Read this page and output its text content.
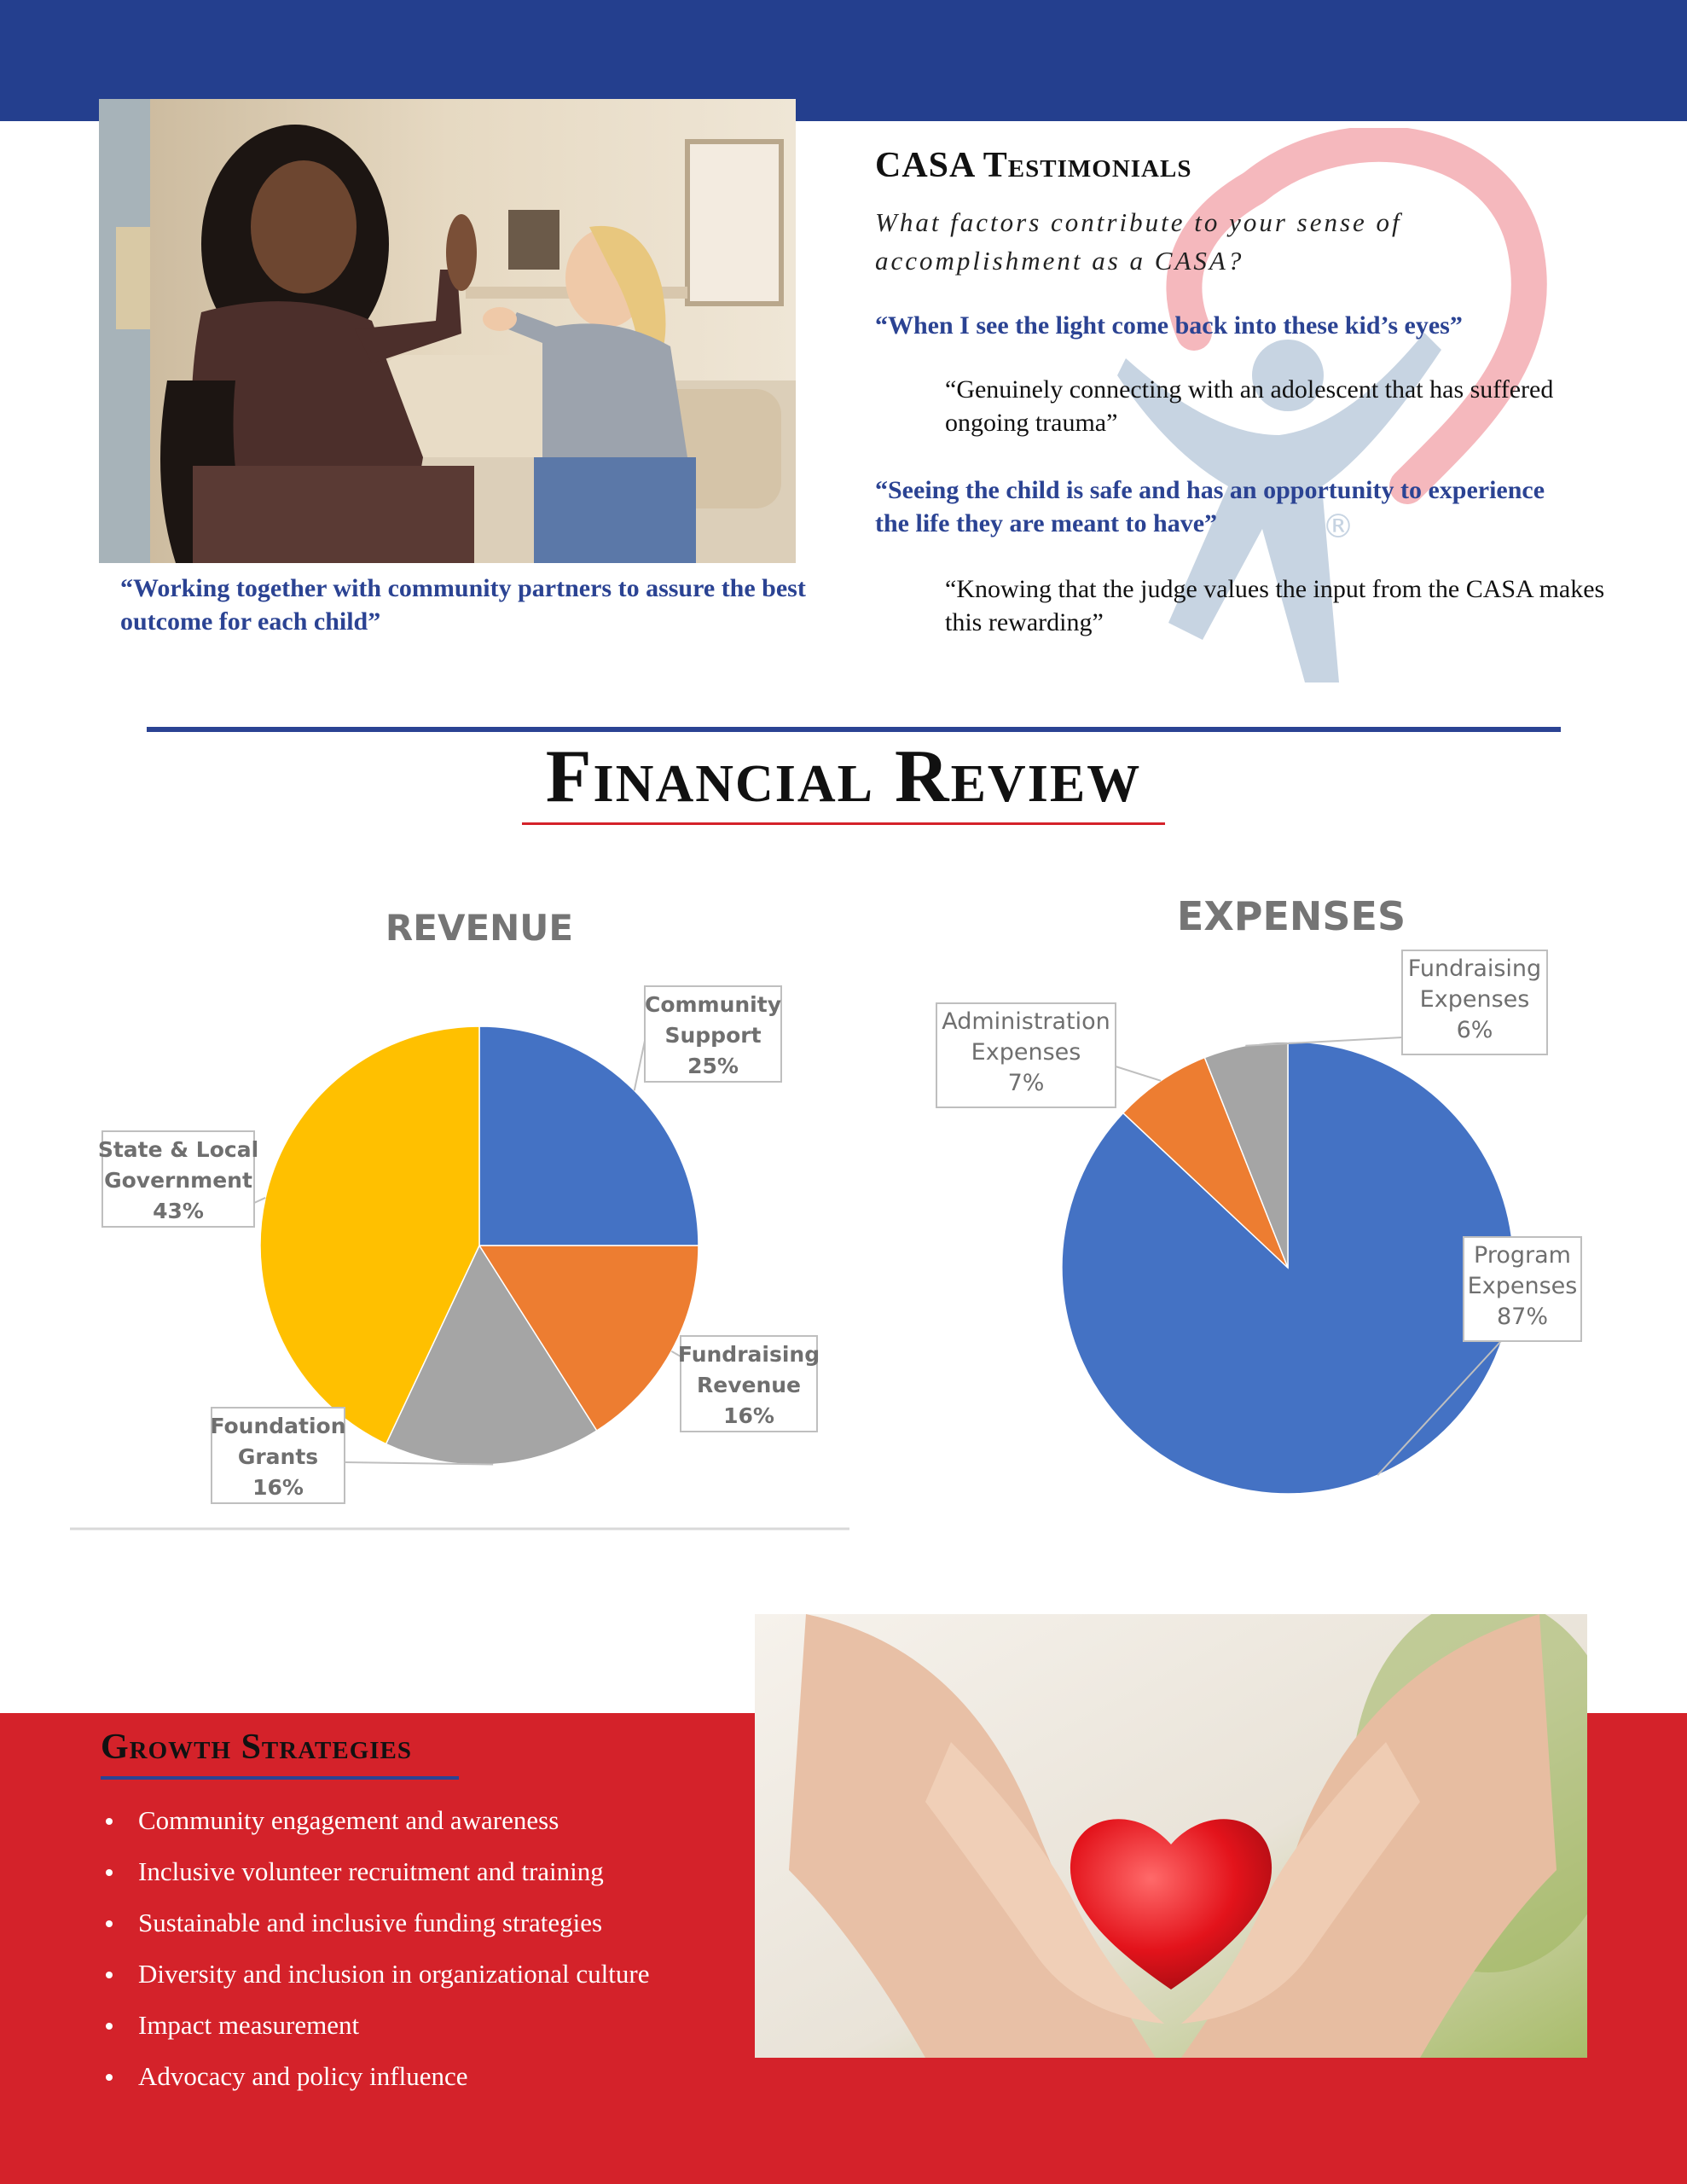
“Working together with community partners to assure the best outcome for each child”
®
CASA Testimonials
What factors contribute to your sense of accomplishment as a CASA?
“When I see the light come back into these kid’s eyes”
“Genuinely connecting with an adolescent that has suffered ongoing trauma”
“Seeing the child is safe and has an opportunity to experience the life they are meant to have”
“Knowing that the judge values the input from the CASA makes this rewarding”
Financial Review
REVENUE
Community
Support
25%
Fundraising
Revenue
16%
Foundation
Grants
16%
State & Local
Government
43%
EXPENSES
Program
Expenses
87%
Administration
Expenses
7%
Fundraising
Expenses
6%
Growth Strategies
Community engagement and awareness
Inclusive volunteer recruitment and training
Sustainable and inclusive funding strategies
Diversity and inclusion in organizational culture
Impact measurement
Advocacy and policy influence
